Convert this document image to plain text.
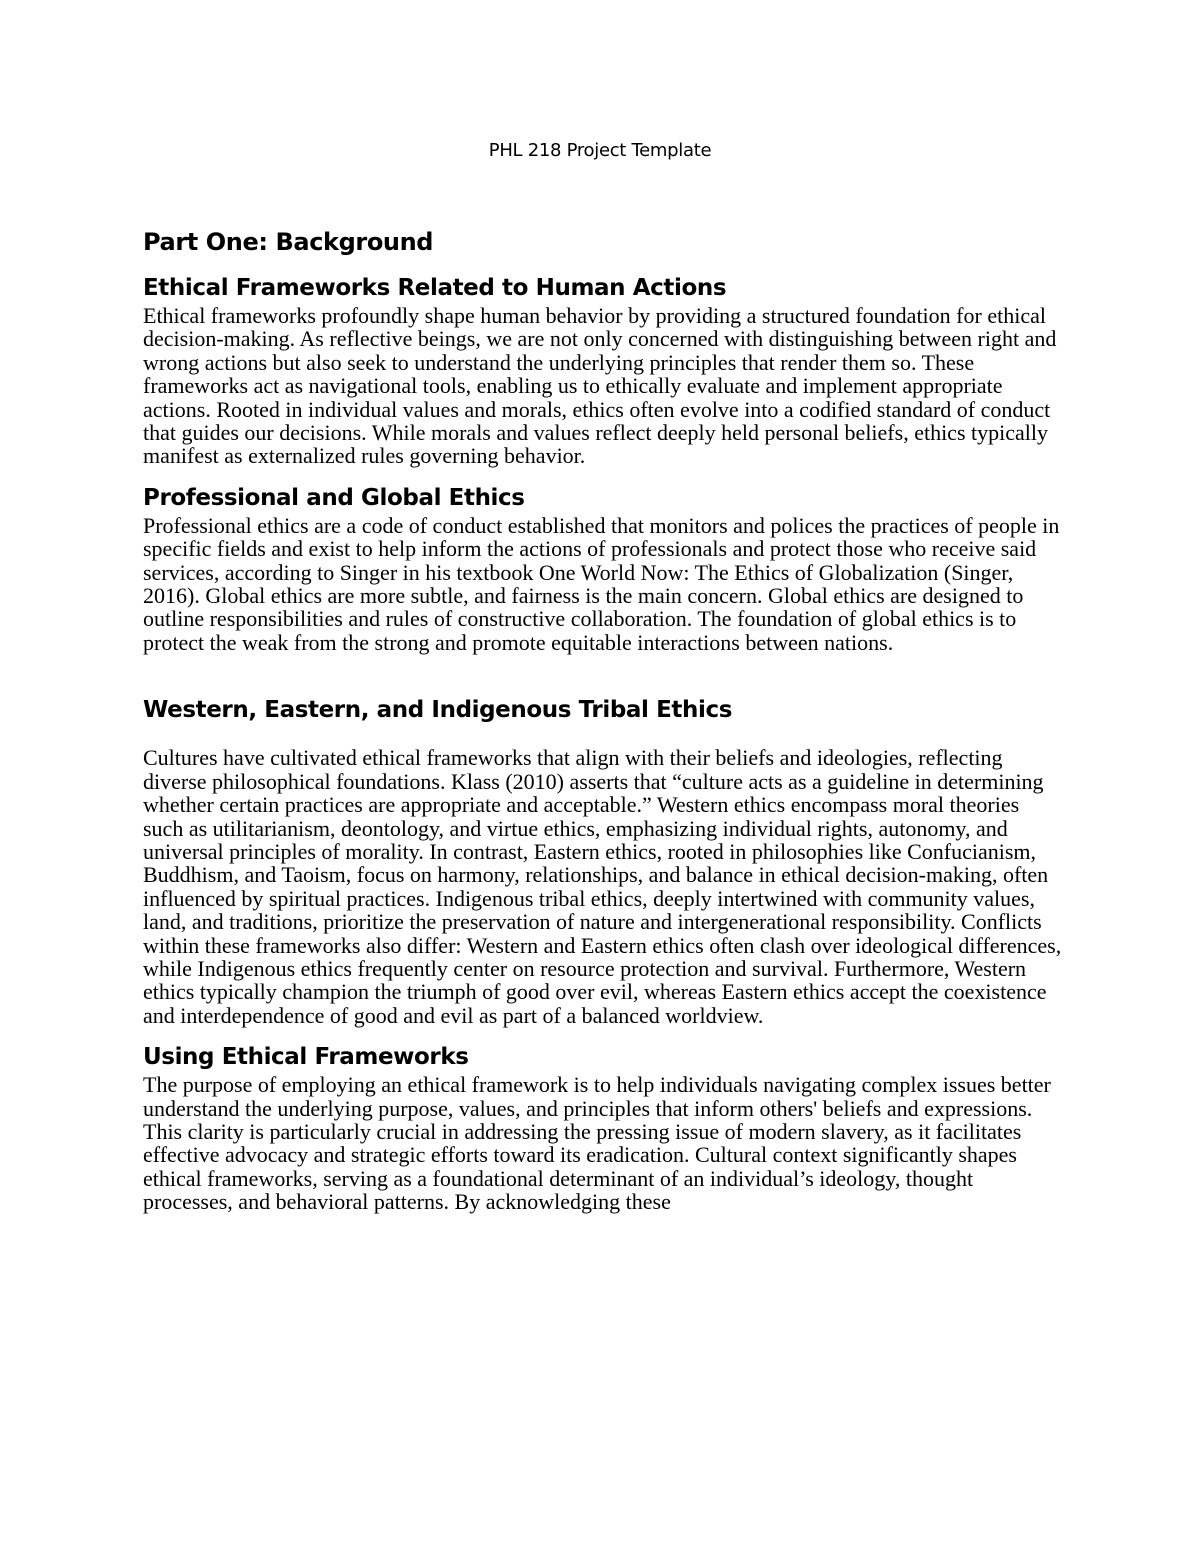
PHL 218 Project Template
Part One: Background
Ethical Frameworks Related to Human Actions

Ethical frameworks profoundly shape human behavior by providing a structured foundation for ethical decision-making. As reflective beings, we are not only concerned with distinguishing between right and wrong actions but also seek to understand the underlying principles that render them so. These frameworks act as navigational tools, enabling us to ethically evaluate and implement appropriate actions. Rooted in individual values and morals, ethics often evolve into a codified standard of conduct that guides our decisions. While morals and values reflect deeply held personal beliefs, ethics typically manifest as externalized rules governing behavior.

Professional and Global Ethics

Professional ethics are a code of conduct established that monitors and polices the practices of people in specific fields and exist to help inform the actions of professionals and protect those who receive said services, according to Singer in his textbook One World Now: The Ethics of Globalization (Singer, 2016). Global ethics are more subtle, and fairness is the main concern. Global ethics are designed to outline responsibilities and rules of constructive collaboration. The foundation of global ethics is to protect the weak from the strong and promote equitable interactions between nations.

Western, Eastern, and Indigenous Tribal Ethics

Cultures have cultivated ethical frameworks that align with their beliefs and ideologies, reflecting diverse philosophical foundations. Klass (2010) asserts that “culture acts as a guideline in determining whether certain practices are appropriate and acceptable.” Western ethics encompass moral theories such as utilitarianism, deontology, and virtue ethics, emphasizing individual rights, autonomy, and universal principles of morality. In contrast, Eastern ethics, rooted in philosophies like Confucianism, Buddhism, and Taoism, focus on harmony, relationships, and balance in ethical decision-making, often influenced by spiritual practices. Indigenous tribal ethics, deeply intertwined with community values, land, and traditions, prioritize the preservation of nature and intergenerational responsibility. Conflicts within these frameworks also differ: Western and Eastern ethics often clash over ideological differences, while Indigenous ethics frequently center on resource protection and survival. Furthermore, Western ethics typically champion the triumph of good over evil, whereas Eastern ethics accept the coexistence and interdependence of good and evil as part of a balanced worldview.

Using Ethical Frameworks

The purpose of employing an ethical framework is to help individuals navigating complex issues better understand the underlying purpose, values, and principles that inform others' beliefs and expressions. This clarity is particularly crucial in addressing the pressing issue of modern slavery, as it facilitates effective advocacy and strategic efforts toward its eradication. Cultural context significantly shapes ethical frameworks, serving as a foundational determinant of an individual’s ideology, thought processes, and behavioral patterns. By acknowledging these
